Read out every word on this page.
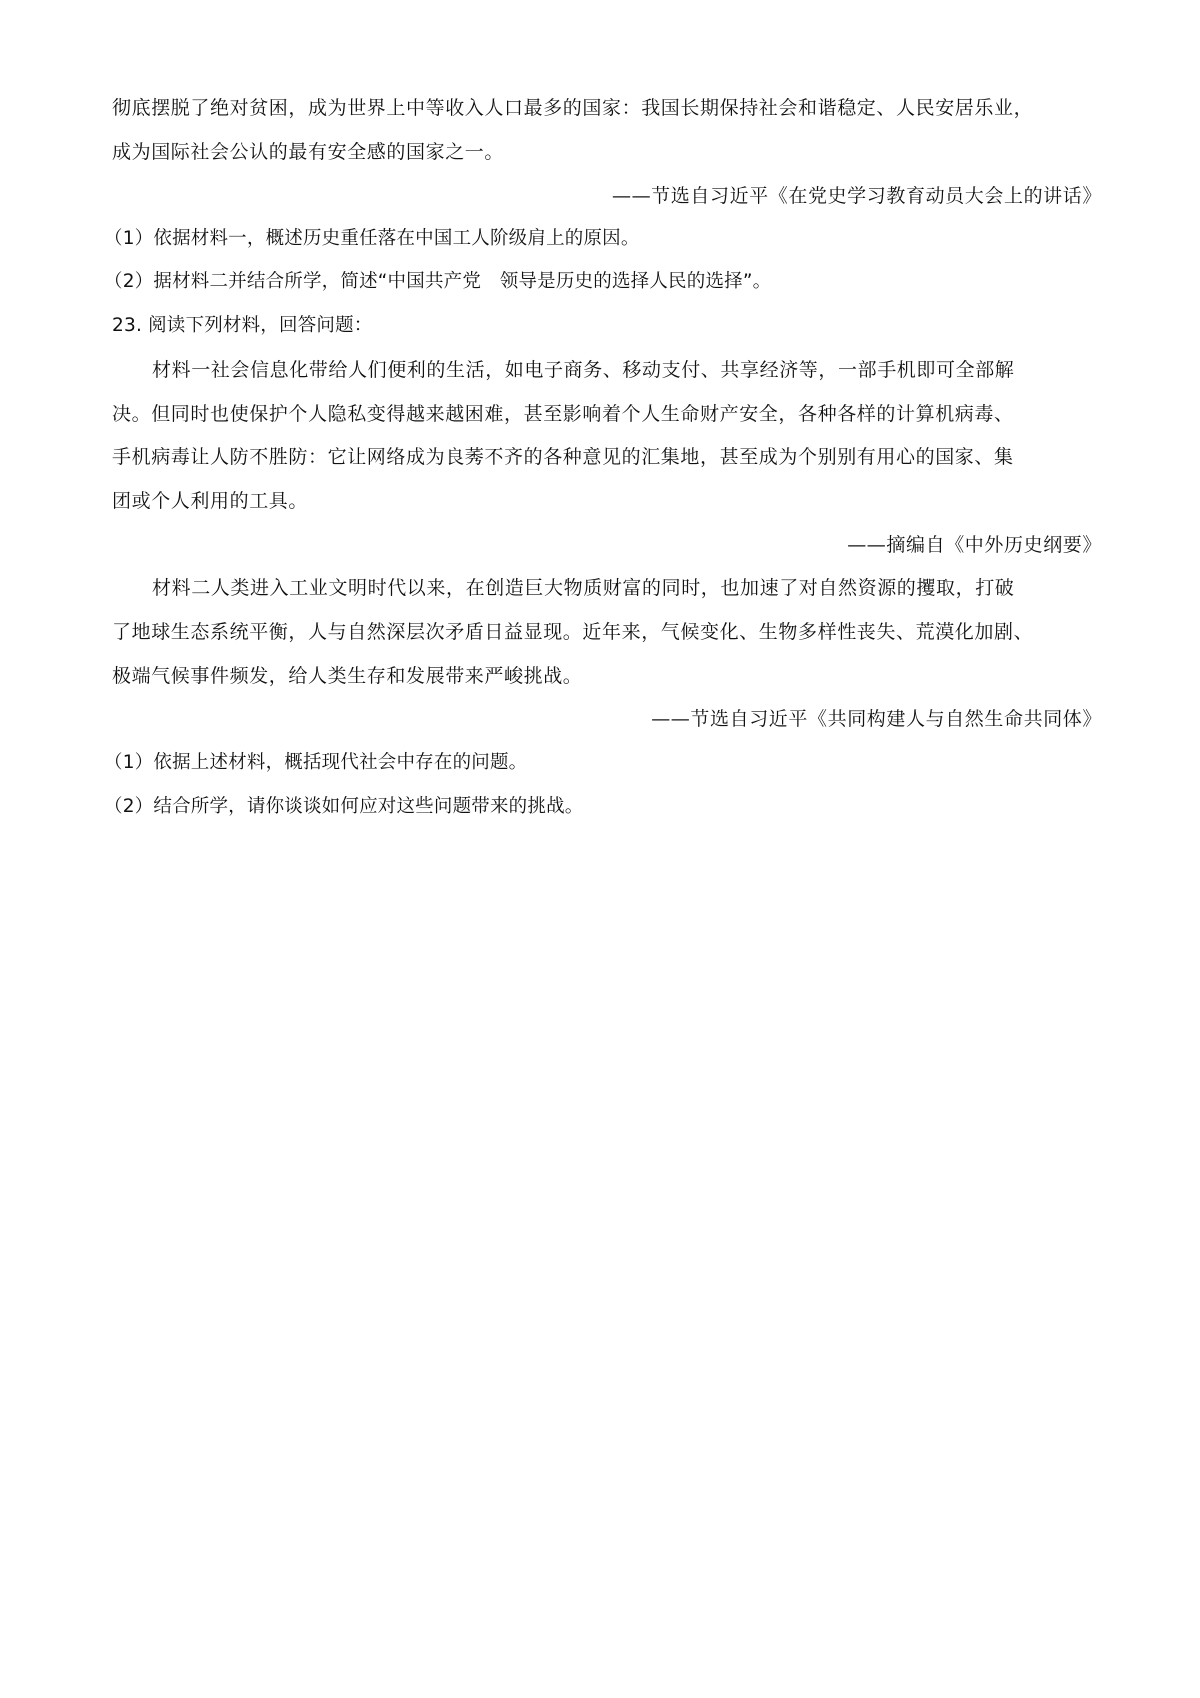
彻底摆脱了绝对贫困，成为世界上中等收入人口最多的国家：我国长期保持社会和谐稳定、人民安居乐业，
成为国际社会公认的最有安全感的国家之一。
——节选自习近平《在党史学习教育动员大会上的讲话》
（1）依据材料一，概述历史重任落在中国工人阶级肩上的原因。
（2）据材料二并结合所学，简述“中国共产党　领导是历史的选择人民的选择”。
23. 阅读下列材料，回答问题：
材料一社会信息化带给人们便利的生活，如电子商务、移动支付、共享经济等，一部手机即可全部解
决。但同时也使保护个人隐私变得越来越困难，甚至影响着个人生命财产安全，各种各样的计算机病毒、
手机病毒让人防不胜防：它让网络成为良莠不齐的各种意见的汇集地，甚至成为个别别有用心的国家、集
团或个人利用的工具。
——摘编自《中外历史纲要》
材料二人类进入工业文明时代以来，在创造巨大物质财富的同时，也加速了对自然资源的攫取，打破
了地球生态系统平衡，人与自然深层次矛盾日益显现。近年来，气候变化、生物多样性丧失、荒漠化加剧、
极端气候事件频发，给人类生存和发展带来严峻挑战。
——节选自习近平《共同构建人与自然生命共同体》
（1）依据上述材料，概括现代社会中存在的问题。
（2）结合所学，请你谈谈如何应对这些问题带来的挑战。
